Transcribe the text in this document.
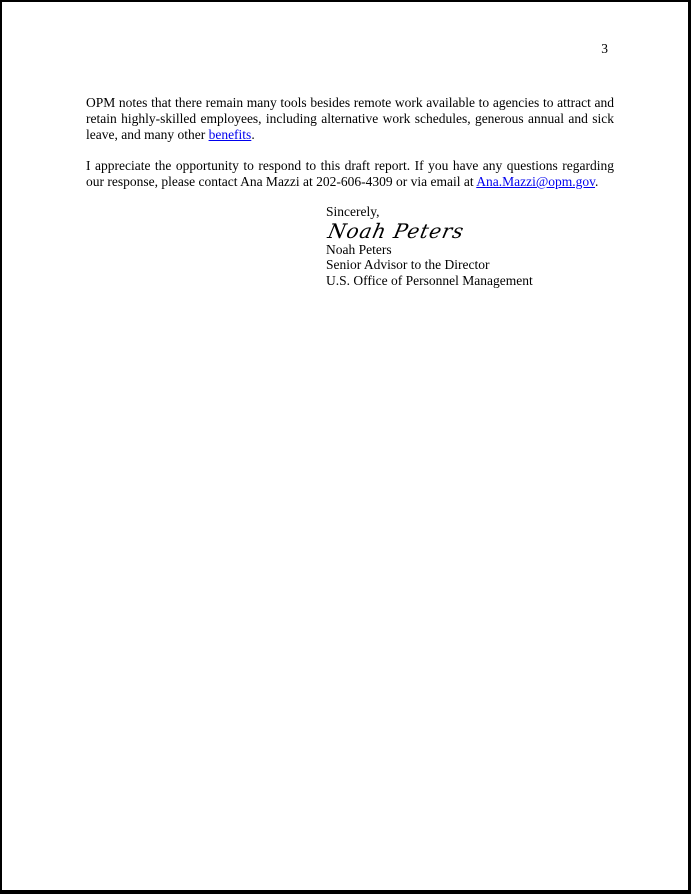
3

OPM notes that there remain many tools besides remote work available to agencies to attract and retain highly-skilled employees, including alternative work schedules, generous annual and sick leave, and many other benefits.

I appreciate the opportunity to respond to this draft report. If you have any questions regarding our response, please contact Ana Mazzi at 202-606-4309 or via email at Ana.Mazzi@opm.gov.

Sincerely,
Noah Peters
Noah Peters
Senior Advisor to the Director
U.S. Office of Personnel Management
